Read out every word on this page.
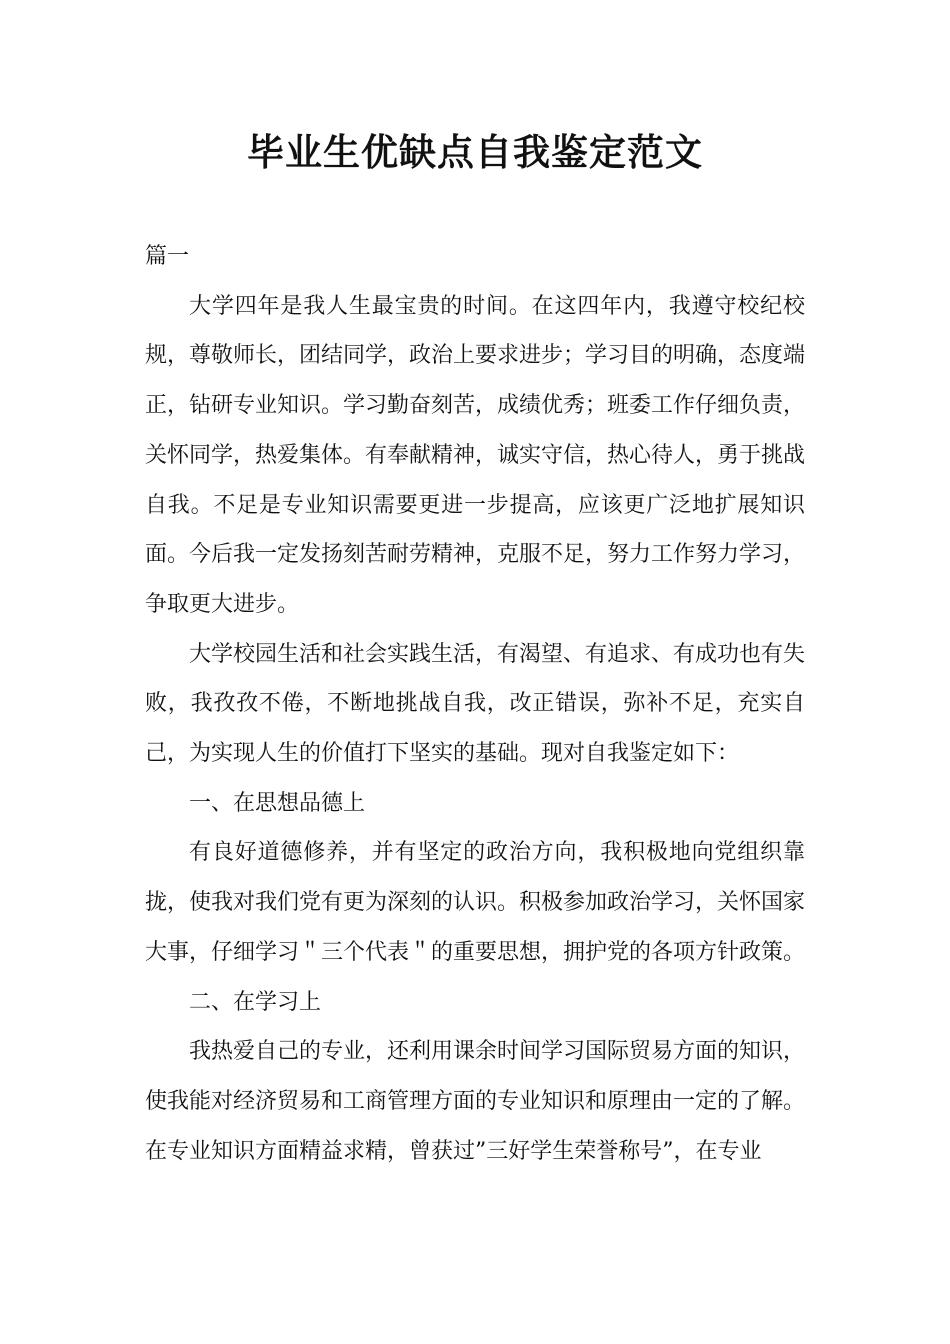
毕业生优缺点自我鉴定范文

篇一

大学四年是我人生最宝贵的时间。在这四年内，我遵守校纪校规，尊敬师长，团结同学，政治上要求进步；学习目的明确，态度端正，钻研专业知识。学习勤奋刻苦，成绩优秀；班委工作仔细负责，关怀同学，热爱集体。有奉献精神，诚实守信，热心待人，勇于挑战自我。不足是专业知识需要更进一步提高，应该更广泛地扩展知识面。今后我一定发扬刻苦耐劳精神，克服不足，努力工作努力学习，争取更大进步。

大学校园生活和社会实践生活，有渴望、有追求、有成功也有失败，我孜孜不倦，不断地挑战自我，改正错误，弥补不足，充实自己，为实现人生的价值打下坚实的基础。现对自我鉴定如下：

一、在思想品德上

有良好道德修养，并有坚定的政治方向，我积极地向党组织靠拢，使我对我们党有更为深刻的认识。积极参加政治学习，关怀国家大事，仔细学习＂三个代表＂的重要思想，拥护党的各项方针政策。

二、在学习上

我热爱自己的专业，还利用课余时间学习国际贸易方面的知识，使我能对经济贸易和工商管理方面的专业知识和原理由一定的了解。在专业知识方面精益求精，曾获过”三好学生荣誉称号”，在专业
